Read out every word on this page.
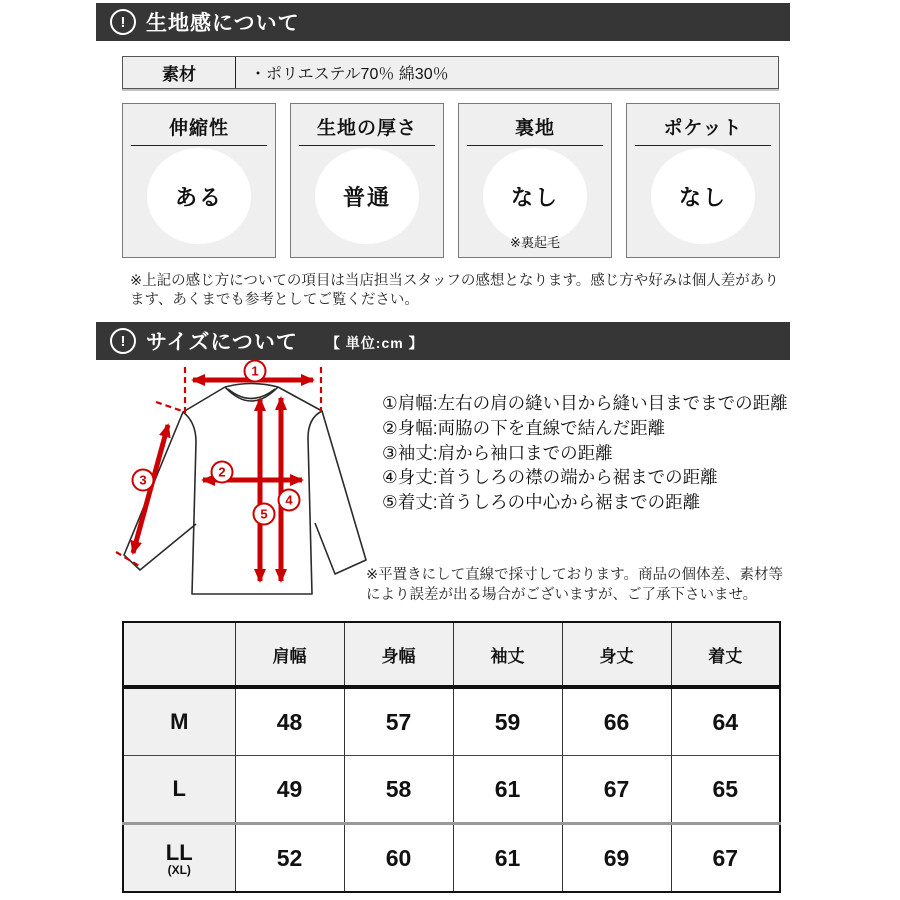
! 生地感について
素材	・ポリエステル70％ 綿30％
伸縮性
ある
生地の厚さ
普通
裏地
なし
※裏起毛
ポケット
なし
※上記の感じ方についての項目は当店担当スタッフの感想となります。感じ方や好みは個人差があります、あくまでも参考としてご覧ください。
! サイズについて 【 単位:cm 】
1
2
3
4
5
①肩幅:左右の肩の縫い目から縫い目までまでの距離
②身幅:両脇の下を直線で結んだ距離
③袖丈:肩から袖口までの距離
④身丈:首うしろの襟の端から裾までの距離
⑤着丈:首うしろの中心から裾までの距離
※平置きにして直線で採寸しております。商品の個体差、素材等により誤差が出る場合がございますが、ご了承下さいませ。
	肩幅	身幅	袖丈	身丈	着丈
M	48	57	59	66	64
L	49	58	61	67	65
LL
(XL)	52	60	61	69	67
